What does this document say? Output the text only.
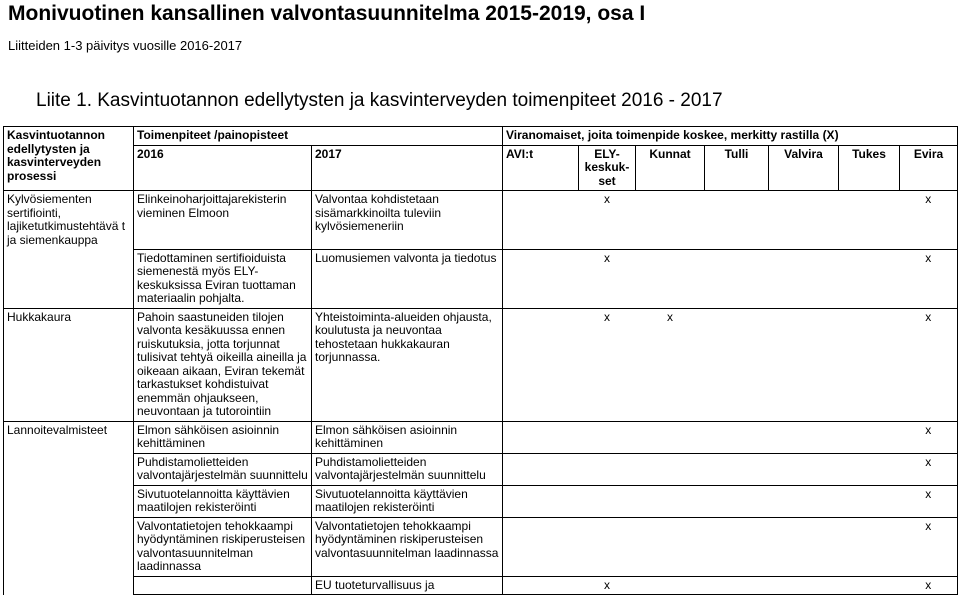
Monivuotinen kansallinen valvontasuunnitelma 2015-2019, osa I
Liitteiden 1-3 päivitys vuosille 2016-2017
Liite 1. Kasvintuotannon edellytysten ja kasvinterveyden toimenpiteet 2016 - 2017
Kasvintuotannon edellytysten ja kasvinterveyden prosessi	Toimenpiteet /painopisteet		Viranomaiset, joita toimenpide koskee, merkitty rastilla (X)						
	2016	2017	AVI:t	ELY-keskuk-set	Kunnat	Tulli	Valvira	Tukes	Evira
Kylvösiementen sertifiointi, lajiketutkimustehtävä t ja siemenkauppa	Elinkeinoharjoittajarekisterin vieminen Elmoon	Valvontaa kohdistetaan sisämarkkinoilta tuleviin kylvösiemeneriin		x					x
	Tiedottaminen sertifioiduista siemenestä myös ELY-keskuksissa Eviran tuottaman materiaalin pohjalta.	Luomusiemen valvonta ja tiedotus		x					x
Hukkakaura	Pahoin saastuneiden tilojen valvonta kesäkuussa ennen ruiskutuksia, jotta torjunnat tulisivat tehtyä oikeilla aineilla ja oikeaan aikaan, Eviran tekemät tarkastukset kohdistuivat enemmän ohjaukseen, neuvontaan ja tutorointiin	Yhteistoiminta-alueiden ohjausta, koulutusta ja neuvontaa tehostetaan hukkakauran torjunnassa.		x	x				x
Lannoitevalmisteet	Elmon sähköisen asioinnin kehittäminen	Elmon sähköisen asioinnin kehittäminen							x
	Puhdistamolietteiden valvontajärjestelmän suunnittelu	Puhdistamolietteiden valvontajärjestelmän suunnittelu							x
	Sivutuotelannoitta käyttävien maatilojen rekisteröinti	Sivutuotelannoitta käyttävien maatilojen rekisteröinti							x
	Valvontatietojen tehokkaampi hyödyntäminen riskiperusteisen valvontasuunnitelman laadinnassa	Valvontatietojen tehokkaampi hyödyntäminen riskiperusteisen valvontasuunnitelman laadinnassa							x
		EU tuoteturvallisuus ja		x					x
